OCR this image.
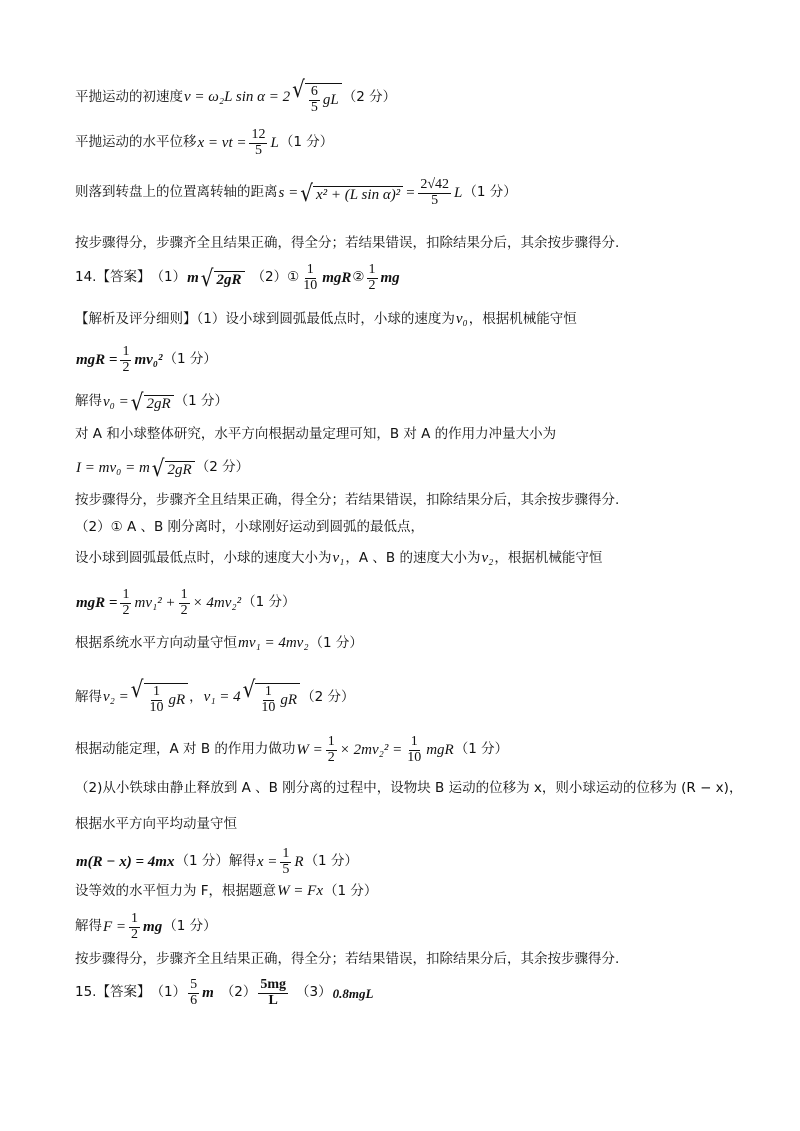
平抛运动的初速度 v = ω₂L sin α = 2 √ $\frac{6}{5}$ gL （2 分）
平抛运动的水平位移 x = vt = $\frac{12}{5}$ L （1 分）
则落到转盘上的位置离转轴的距离 s = √ x² + (L $\sin \alpha)^2 = \frac{2√42}{5}$ L （1 分）
按步骤得分，步骤齐全且结果正确，得全分；若结果错误，扣除结果分后，其余按步骤得分.
14.【答案】 （1） m √ 2gR （2）① $\frac{1}{10}$ mgR ② $\frac{1}{2}$ mg
【解析及评分细则】（1）设小球到圆弧最低点时，小球的速度为 v₀ ，根据机械能守恒
mgR = $\frac{1}{2} mv_0^2$ （1 分）
解得 v₀ = √ 2gR （1 分）
对 A 和小球整体研究，水平方向根据动量定理可知，B 对 A 的作用力冲量大小为
I = mv₀ = m √ 2gR （2 分）
按步骤得分，步骤齐全且结果正确，得全分；若结果错误，扣除结果分后，其余按步骤得分.
（2）① A 、B 刚分离时，小球刚好运动到圆弧的最低点，
设小球到圆弧最低点时，小球的速度大小为 v₁ ，A 、B 的速度大小为 v₂ ，根据机械能守恒
mgR = $\frac{1}{2} mv_1^2 + \frac{1}{2} \times 4mv_2^2$ （1 分）
根据系统水平方向动量守恒 mv₁ = 4mv₂ （1 分）
解得 v₂ = √ $\frac{1}{10}$ gR ， v₁ = 4 √ $\frac{1}{10}$ gR （2 分）
根据动能定理，A 对 B 的作用力做功 $W = \frac{1}{2} \times 2mv_2^2 = \frac{1}{10}$ mgR （1 分）
（2)从小铁球由静止释放到 A 、B 刚分离的过程中，设物块 B 运动的位移为 x，则小球运动的位移为 (R − x)，
根据水平方向平均动量守恒
m(R − x) = 4mx （1 分）解得 $x = \frac{1}{5}$ R （1 分）
设等效的水平恒力为 F，根据题意 W = Fx （1 分）
解得 $F = \frac{1}{2}$ mg （1 分）
按步骤得分，步骤齐全且结果正确，得全分；若结果错误，扣除结果分后，其余按步骤得分.
15.【答案】 $(1) \frac{5}{6}$ m $(2) \frac{5mg}{L} (3)$ 0.8mgL
